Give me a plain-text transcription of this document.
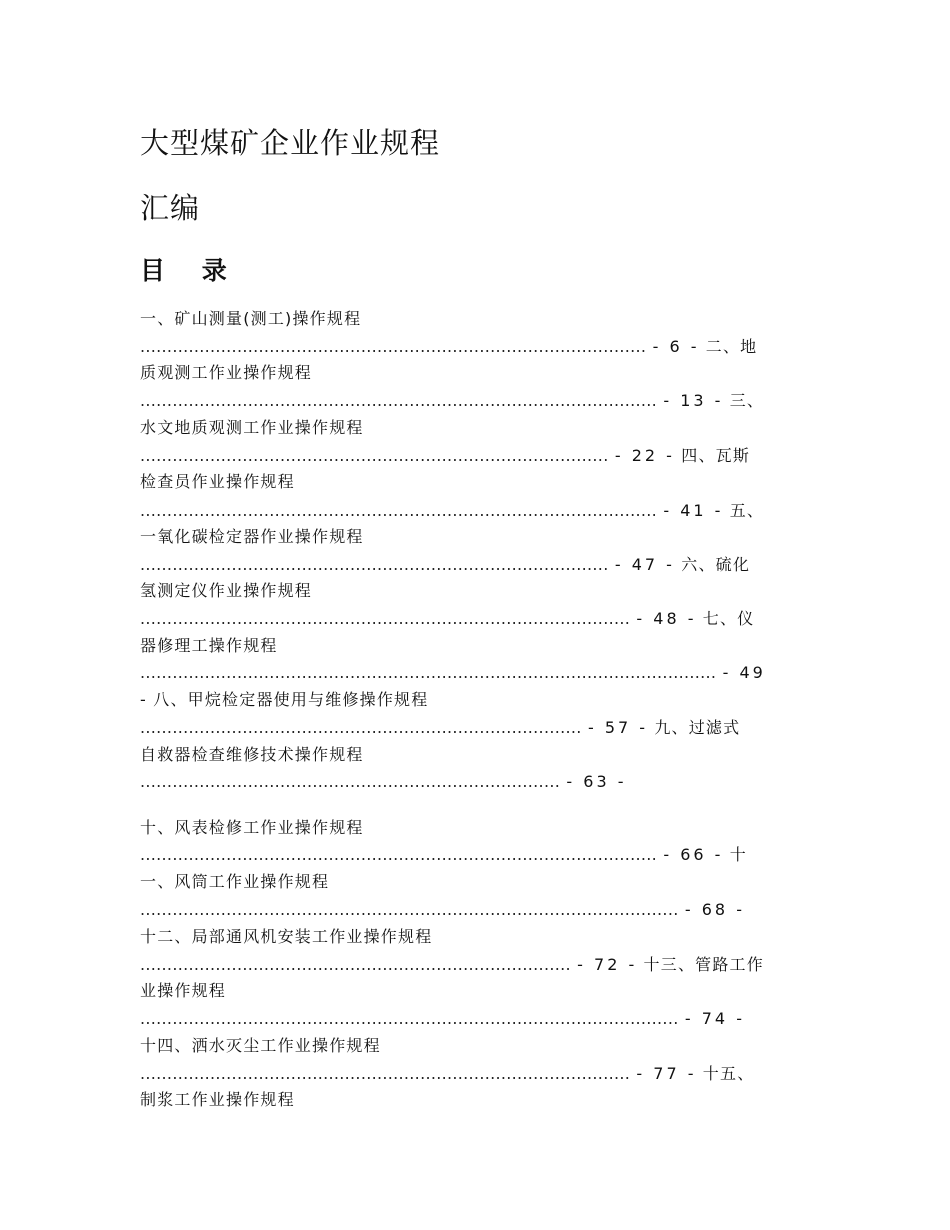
大型煤矿企业作业规程
汇编
目 录
一、矿山测量(测工)操作规程
.............................................................................................. - 6 - 二、地
质观测工作业操作规程
................................................................................................ - 13 - 三、
水文地质观测工作业操作规程
....................................................................................... - 22 - 四、瓦斯
检查员作业操作规程
................................................................................................ - 41 - 五、
一氧化碳检定器作业操作规程
....................................................................................... - 47 - 六、硫化
氢测定仪作业操作规程
........................................................................................... - 48 - 七、仪
器修理工操作规程
........................................................................................................... - 49
- 八、甲烷检定器使用与维修操作规程
.................................................................................. - 57 - 九、过滤式
自救器检查维修技术操作规程
.............................................................................. - 63 -
十、风表检修工作业操作规程
................................................................................................ - 66 - 十
一、风筒工作业操作规程
.................................................................................................... - 68 -
十二、局部通风机安装工作业操作规程
................................................................................ - 72 - 十三、管路工作
业操作规程
.................................................................................................... - 74 -
十四、洒水灭尘工作业操作规程
........................................................................................... - 77 - 十五、
制浆工作业操作规程
